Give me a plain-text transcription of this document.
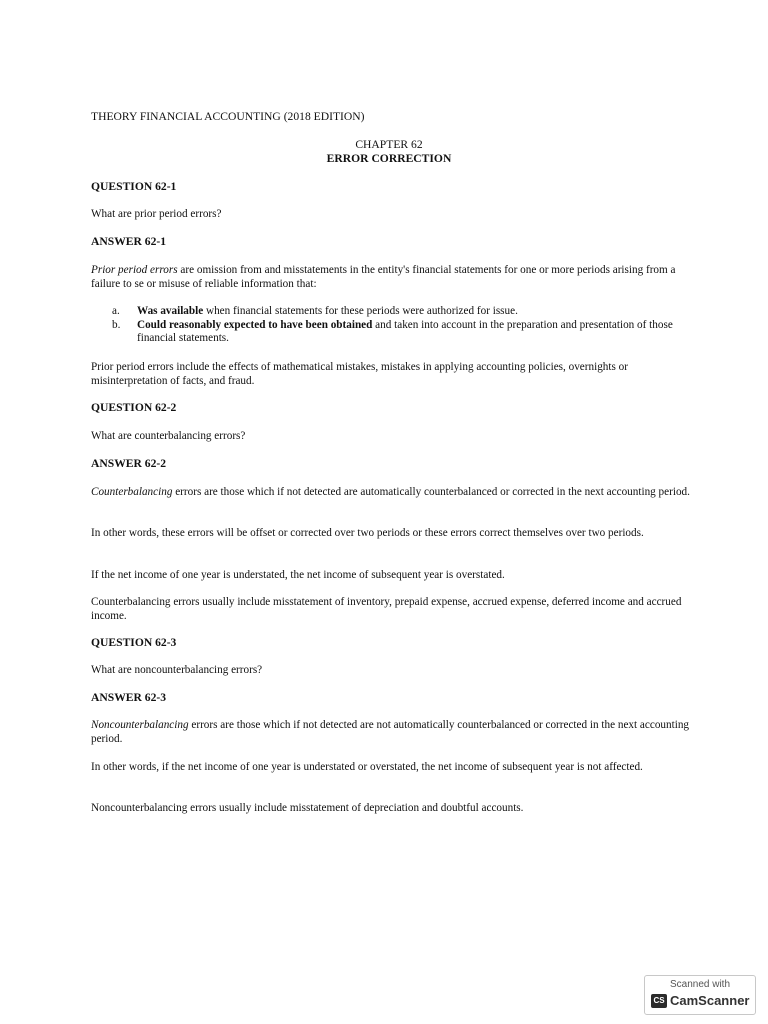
THEORY FINANCIAL ACCOUNTING (2018 EDITION)
CHAPTER 62
ERROR CORRECTION
QUESTION 62-1
What are prior period errors?
ANSWER 62-1
Prior period errors are omission from and misstatements in the entity's financial statements for one or more periods arising from a failure to se or misuse of reliable information that:
a. Was available when financial statements for these periods were authorized for issue.
b. Could reasonably expected to have been obtained and taken into account in the preparation and presentation of those financial statements.
Prior period errors include the effects of mathematical mistakes, mistakes in applying accounting policies, overnights or misinterpretation of facts, and fraud.
QUESTION 62-2
What are counterbalancing errors?
ANSWER 62-2
Counterbalancing errors are those which if not detected are automatically counterbalanced or corrected in the next accounting period.
In other words, these errors will be offset or corrected over two periods or these errors correct themselves over two periods.
If the net income of one year is understated, the net income of subsequent year is overstated.
Counterbalancing errors usually include misstatement of inventory, prepaid expense, accrued expense, deferred income and accrued income.
QUESTION 62-3
What are noncounterbalancing errors?
ANSWER 62-3
Noncounterbalancing errors are those which if not detected are not automatically counterbalanced or corrected in the next accounting period.
In other words, if the net income of one year is understated or overstated, the net income of subsequent year is not affected.
Noncounterbalancing errors usually include misstatement of depreciation and doubtful accounts.
Scanned with
CS CamScanner
